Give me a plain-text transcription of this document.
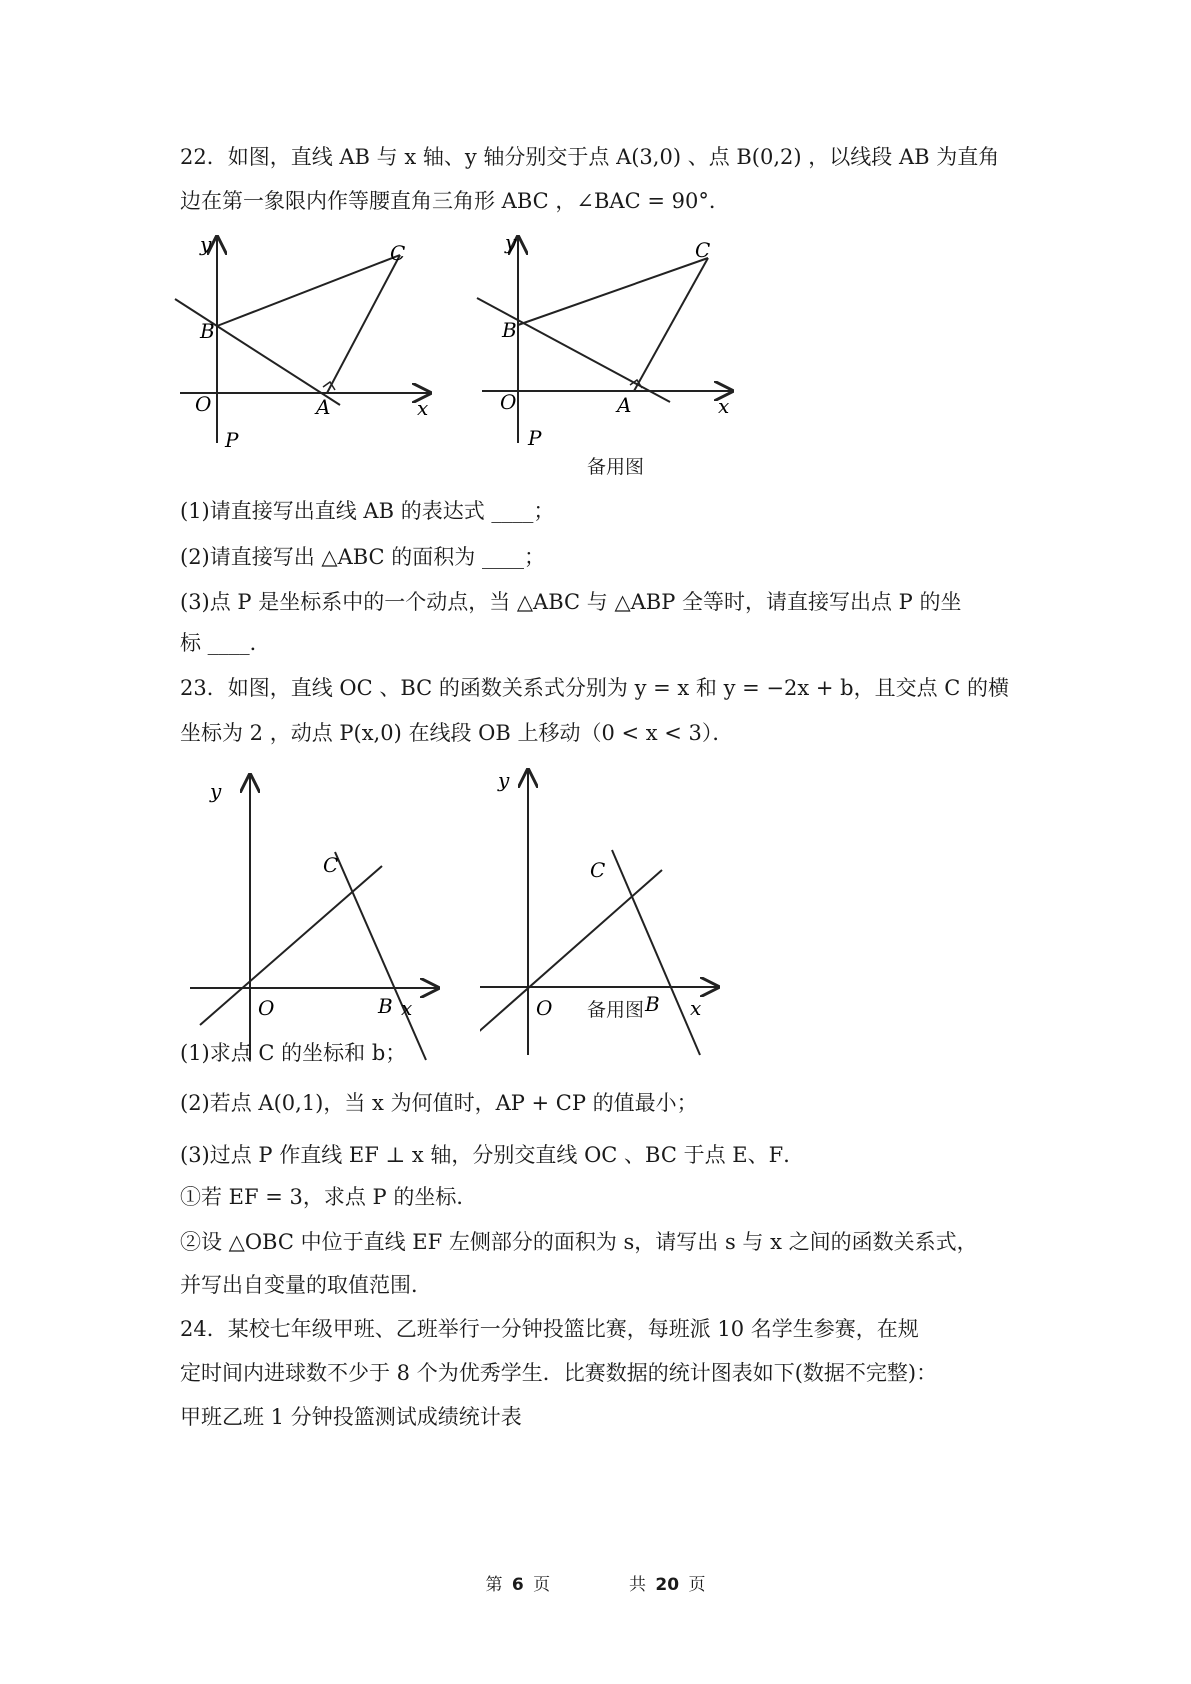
22．如图，直线 AB 与 x 轴、y 轴分别交于点 A(3,0) 、点 B(0,2) ，以线段 AB 为直角
边在第一象限内作等腰直角三角形 ABC ，∠BAC = 90°．
y
x
O	A
B
C
P
y
x
O	A
B
C
P
备用图
(1)请直接写出直线 AB 的表达式 ____；
(2)请直接写出 △ABC 的面积为 ____；
(3)点 P 是坐标系中的一个动点，当 △ABC 与 △ABP 全等时，请直接写出点 P 的坐
标 ____．
23．如图，直线 OC 、BC 的函数关系式分别为 y = x 和 y = −2x + b，且交点 C 的横
坐标为 2 ，动点 P(x,0) 在线段 OB 上移动（0 < x < 3）．
y
x
O	B
C
y
x
O	B
C
备用图
(1)求点 C 的坐标和 b；
(2)若点 A(0,1)，当 x 为何值时，AP + CP 的值最小；
(3)过点 P 作直线 EF ⊥ x 轴，分别交直线 OC 、BC 于点 E、F．
①若 EF = 3，求点 P 的坐标．
②设 △OBC 中位于直线 EF 左侧部分的面积为 s，请写出 s 与 x 之间的函数关系式，
并写出自变量的取值范围．
24．某校七年级甲班、乙班举行一分钟投篮比赛，每班派 10 名学生参赛，在规
定时间内进球数不少于 8 个为优秀学生．比赛数据的统计图表如下(数据不完整)：
甲班乙班 1 分钟投篮测试成绩统计表
第 6 页	共 20 页
